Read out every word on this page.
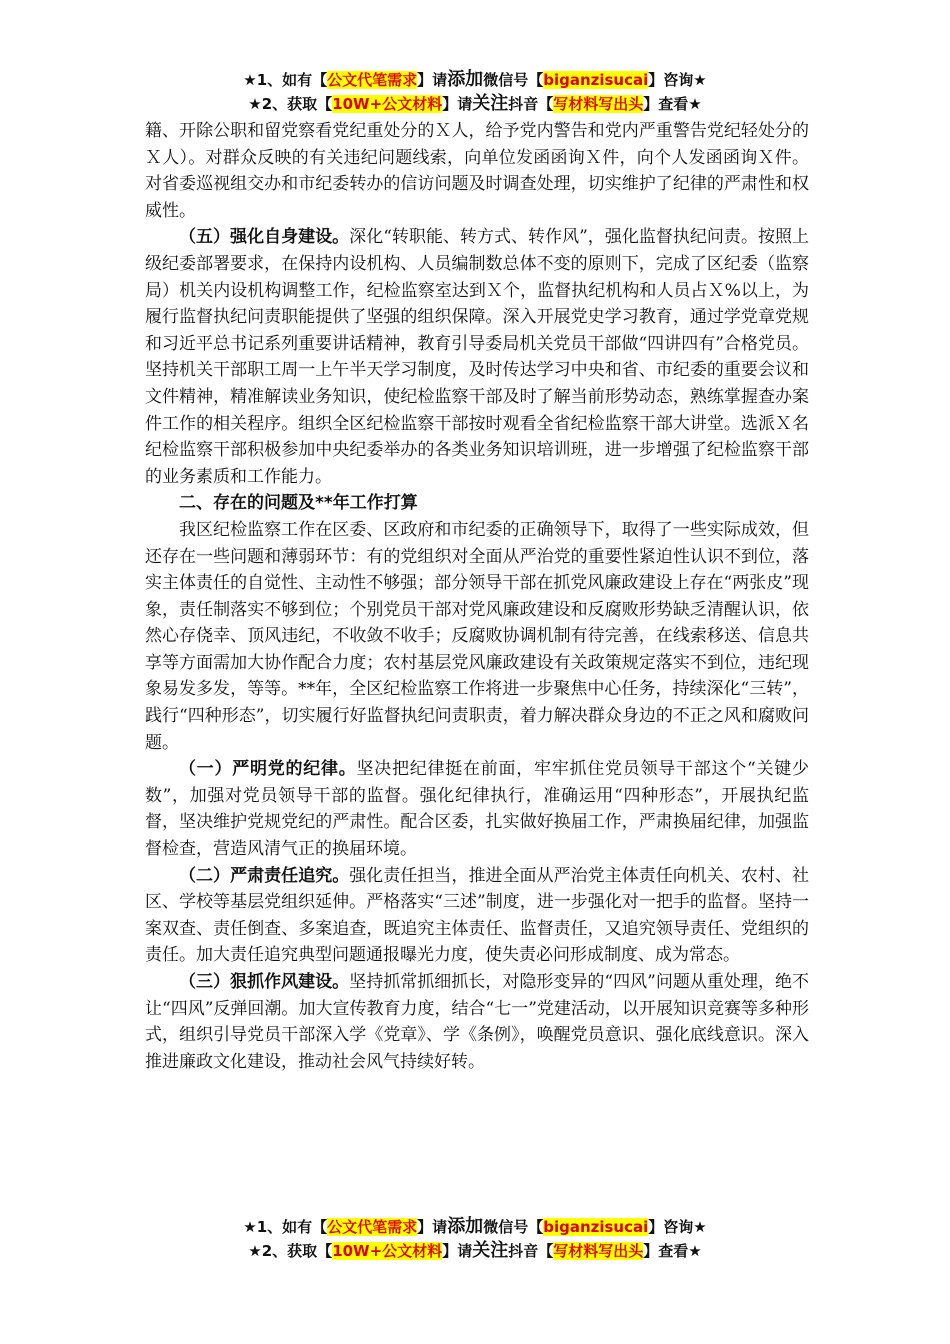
★1、如有【公文代笔需求】请添加微信号【biganzisucai】咨询★
★2、获取【10W+公文材料】请关注抖音【写材料写出头】查看★

籍、开除公职和留党察看党纪重处分的Ｘ人，给予党内警告和党内严重警告党纪轻处分的Ｘ人）。对群众反映的有关违纪问题线索，向单位发函函询Ｘ件，向个人发函函询Ｘ件。对省委巡视组交办和市纪委转办的信访问题及时调查处理，切实维护了纪律的严肃性和权威性。

（五）强化自身建设。深化“转职能、转方式、转作风”，强化监督执纪问责。按照上级纪委部署要求，在保持内设机构、人员编制数总体不变的原则下，完成了区纪委（监察局）机关内设机构调整工作，纪检监察室达到Ｘ个，监督执纪机构和人员占Ｘ%以上，为履行监督执纪问责职能提供了坚强的组织保障。深入开展党史学习教育，通过学党章党规和习近平总书记系列重要讲话精神，教育引导委局机关党员干部做“四讲四有”合格党员。坚持机关干部职工周一上午半天学习制度，及时传达学习中央和省、市纪委的重要会议和文件精神，精准解读业务知识，使纪检监察干部及时了解当前形势动态，熟练掌握查办案件工作的相关程序。组织全区纪检监察干部按时观看全省纪检监察干部大讲堂。选派Ｘ名纪检监察干部积极参加中央纪委举办的各类业务知识培训班，进一步增强了纪检监察干部的业务素质和工作能力。

二、存在的问题及**年工作打算

我区纪检监察工作在区委、区政府和市纪委的正确领导下，取得了一些实际成效，但还存在一些问题和薄弱环节：有的党组织对全面从严治党的重要性紧迫性认识不到位，落实主体责任的自觉性、主动性不够强；部分领导干部在抓党风廉政建设上存在“两张皮”现象，责任制落实不够到位；个别党员干部对党风廉政建设和反腐败形势缺乏清醒认识，依然心存侥幸、顶风违纪，不收敛不收手；反腐败协调机制有待完善，在线索移送、信息共享等方面需加大协作配合力度；农村基层党风廉政建设有关政策规定落实不到位，违纪现象易发多发，等等。**年，全区纪检监察工作将进一步聚焦中心任务，持续深化“三转”，践行“四种形态”，切实履行好监督执纪问责职责，着力解决群众身边的不正之风和腐败问题。

（一）严明党的纪律。坚决把纪律挺在前面，牢牢抓住党员领导干部这个“关键少数”，加强对党员领导干部的监督。强化纪律执行，准确运用“四种形态”，开展执纪监督，坚决维护党规党纪的严肃性。配合区委，扎实做好换届工作，严肃换届纪律，加强监督检查，营造风清气正的换届环境。

（二）严肃责任追究。强化责任担当，推进全面从严治党主体责任向机关、农村、社区、学校等基层党组织延伸。严格落实“三述”制度，进一步强化对一把手的监督。坚持一案双查、责任倒查、多案追查，既追究主体责任、监督责任，又追究领导责任、党组织的责任。加大责任追究典型问题通报曝光力度，使失责必问形成制度、成为常态。

（三）狠抓作风建设。坚持抓常抓细抓长，对隐形变异的“四风”问题从重处理，绝不让“四风”反弹回潮。加大宣传教育力度，结合“七一”党建活动，以开展知识竞赛等多种形式，组织引导党员干部深入学《党章》、学《条例》，唤醒党员意识、强化底线意识。深入推进廉政文化建设，推动社会风气持续好转。

★1、如有【公文代笔需求】请添加微信号【biganzisucai】咨询★
★2、获取【10W+公文材料】请关注抖音【写材料写出头】查看★
